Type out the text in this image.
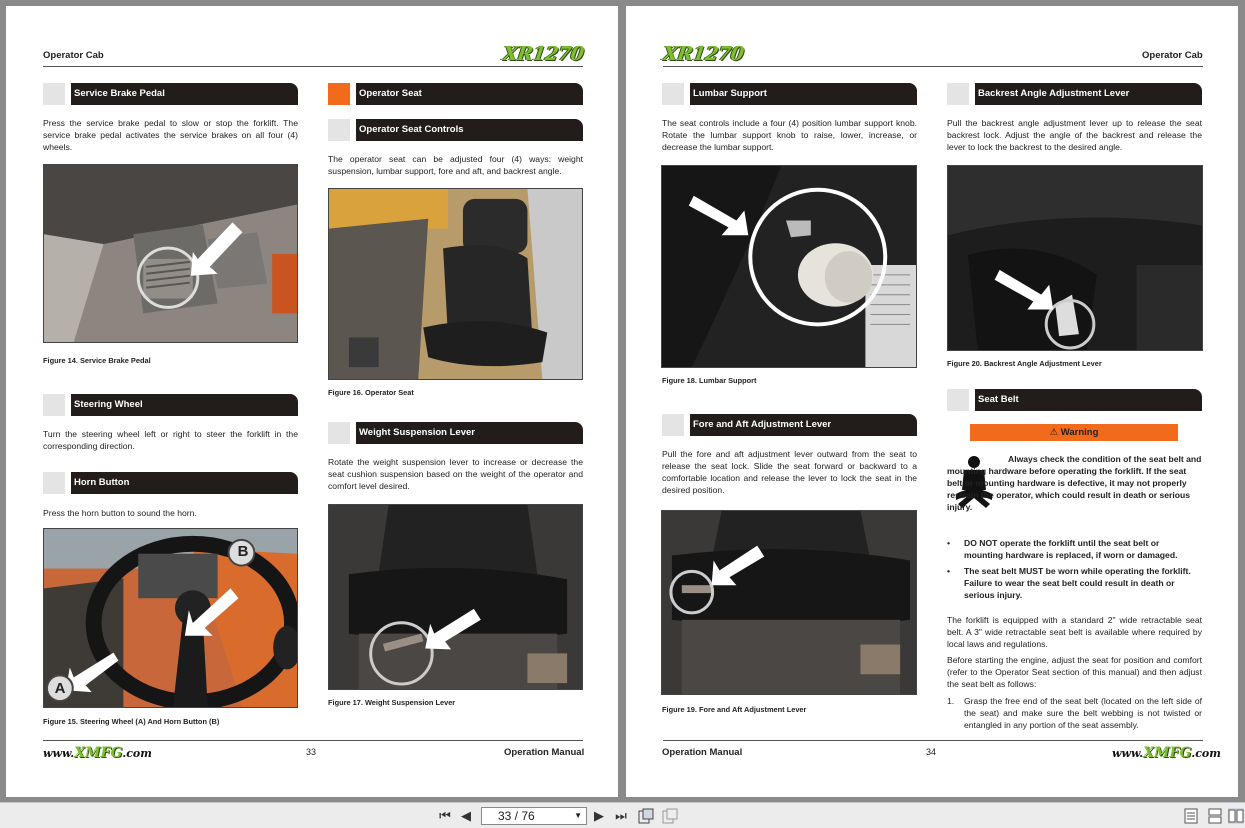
Operator Cab	XR1270
Service Brake Pedal
Press the service brake pedal to slow or stop the forklift. The service brake pedal activates the service brakes on all four (4) wheels.
Figure 14. Service Brake Pedal
Steering Wheel
Turn the steering wheel left or right to steer the forklift in the corresponding direction.
Horn Button
Press the horn button to sound the horn.
B
A
Figure 15. Steering Wheel (A) And Horn Button (B)
Operator Seat
Operator Seat Controls
The operator seat can be adjusted four (4) ways: weight suspension, lumbar support, fore and aft, and backrest angle.
Figure 16. Operator Seat
Weight Suspension Lever
Rotate the weight suspension lever to increase or decrease the seat cushion suspension based on the weight of the operator and comfort level desired.
Figure 17. Weight Suspension Lever
www.XMFG.com	33	Operation Manual
XR1270	Operator Cab
Lumbar Support
The seat controls include a four (4) position lumbar support knob. Rotate the lumbar support knob to raise, lower, increase, or decrease the lumbar support.
Figure 18. Lumbar Support
Fore and Aft Adjustment Lever
Pull the fore and aft adjustment lever outward from the seat to release the seat lock. Slide the seat forward or backward to a comfortable location and release the lever to lock the seat in the desired position.
Figure 19. Fore and Aft Adjustment Lever
Backrest Angle Adjustment Lever
Pull the backrest angle adjustment lever up to release the seat backrest lock. Adjust the angle of the backrest and release the lever to lock the backrest to the desired angle.
Figure 20. Backrest Angle Adjustment Lever
Seat Belt
⚠ Warning
Always check the condition of the seat belt and mounting hardware before operating the forklift. If the seat belt or mounting hardware is defective, it may not properly restrain the operator, which could result in death or serious injury.
• DO NOT operate the forklift until the seat belt or mounting hardware is replaced, if worn or damaged.
• The seat belt MUST be worn while operating the forklift. Failure to wear the seat belt could result in death or serious injury.
The forklift is equipped with a standard 2" wide retractable seat belt. A 3" wide retractable seat belt is available where required by local laws and regulations.
Before starting the engine, adjust the seat for position and comfort (refer to the Operator Seat section of this manual) and then adjust the seat belt as follows:
1. Grasp the free end of the seat belt (located on the left side of the seat) and make sure the belt webbing is not twisted or entangled in any portion of the seat assembly.
Operation Manual	34	www.XMFG.com
⏮ ◀	33 / 76	▼ ▶ ⏭
